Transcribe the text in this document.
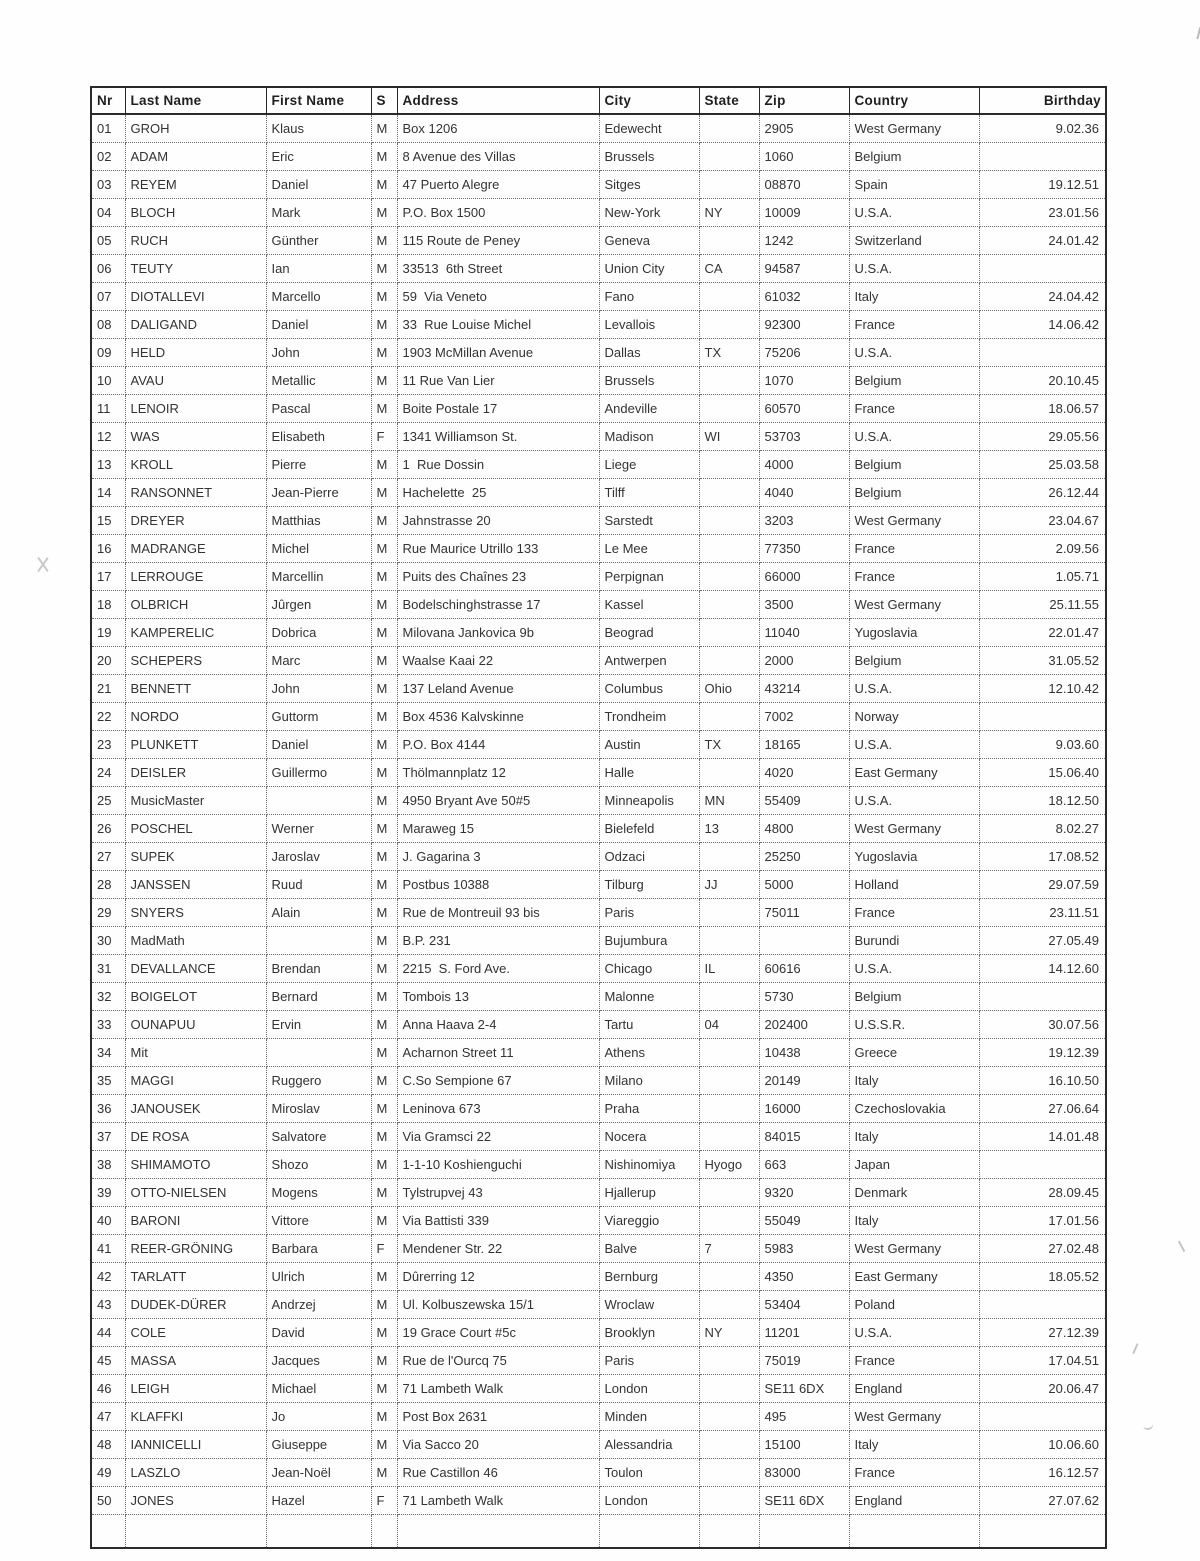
Nr	Last Name	First Name	S	Address	City	State	Zip	Country	Birthday
01	GROH	Klaus	M	Box 1206	Edewecht		2905	West Germany	9.02.36
02	ADAM	Eric	M	8 Avenue des Villas	Brussels		1060	Belgium	
03	REYEM	Daniel	M	47 Puerto Alegre	Sitges		08870	Spain	19.12.51
04	BLOCH	Mark	M	P.O. Box 1500	New-York	NY	10009	U.S.A.	23.01.56
05	RUCH	Günther	M	115 Route de Peney	Geneva		1242	Switzerland	24.01.42
06	TEUTY	Ian	M	33513  6th Street	Union City	CA	94587	U.S.A.	
07	DIOTALLEVI	Marcello	M	59  Via Veneto	Fano		61032	Italy	24.04.42
08	DALIGAND	Daniel	M	33  Rue Louise Michel	Levallois		92300	France	14.06.42
09	HELD	John	M	1903 McMillan Avenue	Dallas	TX	75206	U.S.A.	
10	AVAU	Metallic	M	11 Rue Van Lier	Brussels		1070	Belgium	20.10.45
11	LENOIR	Pascal	M	Boite Postale 17	Andeville		60570	France	18.06.57
12	WAS	Elisabeth	F	1341 Williamson St.	Madison	WI	53703	U.S.A.	29.05.56
13	KROLL	Pierre	M	1  Rue Dossin	Liege		4000	Belgium	25.03.58
14	RANSONNET	Jean-Pierre	M	Hachelette  25	Tilff		4040	Belgium	26.12.44
15	DREYER	Matthias	M	Jahnstrasse 20	Sarstedt		3203	West Germany	23.04.67
16	MADRANGE	Michel	M	Rue Maurice Utrillo 133	Le Mee		77350	France	2.09.56
17	LERROUGE	Marcellin	M	Puits des Chaînes 23	Perpignan		66000	France	1.05.71
18	OLBRICH	Jûrgen	M	Bodelschinghstrasse 17	Kassel		3500	West Germany	25.11.55
19	KAMPERELIC	Dobrica	M	Milovana Jankovica 9b	Beograd		11040	Yugoslavia	22.01.47
20	SCHEPERS	Marc	M	Waalse Kaai 22	Antwerpen		2000	Belgium	31.05.52
21	BENNETT	John	M	137 Leland Avenue	Columbus	Ohio	43214	U.S.A.	12.10.42
22	NORDO	Guttorm	M	Box 4536 Kalvskinne	Trondheim		7002	Norway	
23	PLUNKETT	Daniel	M	P.O. Box 4144	Austin	TX	18165	U.S.A.	9.03.60
24	DEISLER	Guillermo	M	Thölmannplatz 12	Halle		4020	East Germany	15.06.40
25	MusicMaster		M	4950 Bryant Ave 50#5	Minneapolis	MN	55409	U.S.A.	18.12.50
26	POSCHEL	Werner	M	Maraweg 15	Bielefeld	13	4800	West Germany	8.02.27
27	SUPEK	Jaroslav	M	J. Gagarina 3	Odzaci		25250	Yugoslavia	17.08.52
28	JANSSEN	Ruud	M	Postbus 10388	Tilburg	JJ	5000	Holland	29.07.59
29	SNYERS	Alain	M	Rue de Montreuil 93 bis	Paris		75011	France	23.11.51
30	MadMath		M	B.P. 231	Bujumbura			Burundi	27.05.49
31	DEVALLANCE	Brendan	M	2215  S. Ford Ave.	Chicago	IL	60616	U.S.A.	14.12.60
32	BOIGELOT	Bernard	M	Tombois 13	Malonne		5730	Belgium	
33	OUNAPUU	Ervin	M	Anna Haava 2-4	Tartu	04	202400	U.S.S.R.	30.07.56
34	Mit		M	Acharnon Street 11	Athens		10438	Greece	19.12.39
35	MAGGI	Ruggero	M	C.So Sempione 67	Milano		20149	Italy	16.10.50
36	JANOUSEK	Miroslav	M	Leninova 673	Praha		16000	Czechoslovakia	27.06.64
37	DE ROSA	Salvatore	M	Via Gramsci 22	Nocera		84015	Italy	14.01.48
38	SHIMAMOTO	Shozo	M	1-1-10 Koshienguchi	Nishinomiya	Hyogo	663	Japan	
39	OTTO-NIELSEN	Mogens	M	Tylstrupvej 43	Hjallerup		9320	Denmark	28.09.45
40	BARONI	Vittore	M	Via Battisti 339	Viareggio		55049	Italy	17.01.56
41	REER-GRÖNING	Barbara	F	Mendener Str. 22	Balve	7	5983	West Germany	27.02.48
42	TARLATT	Ulrich	M	Dûrerring 12	Bernburg		4350	East Germany	18.05.52
43	DUDEK-DÜRER	Andrzej	M	Ul. Kolbuszewska 15/1	Wroclaw		53404	Poland	
44	COLE	David	M	19 Grace Court #5c	Brooklyn	NY	11201	U.S.A.	27.12.39
45	MASSA	Jacques	M	Rue de l'Ourcq 75	Paris		75019	France	17.04.51
46	LEIGH	Michael	M	71 Lambeth Walk	London		SE11 6DX	England	20.06.47
47	KLAFFKI	Jo	M	Post Box 2631	Minden		495	West Germany	
48	IANNICELLI	Giuseppe	M	Via Sacco 20	Alessandria		15100	Italy	10.06.60
49	LASZLO	Jean-Noël	M	Rue Castillon 46	Toulon		83000	France	16.12.57
50	JONES	Hazel	F	71 Lambeth Walk	London		SE11 6DX	England	27.07.62
